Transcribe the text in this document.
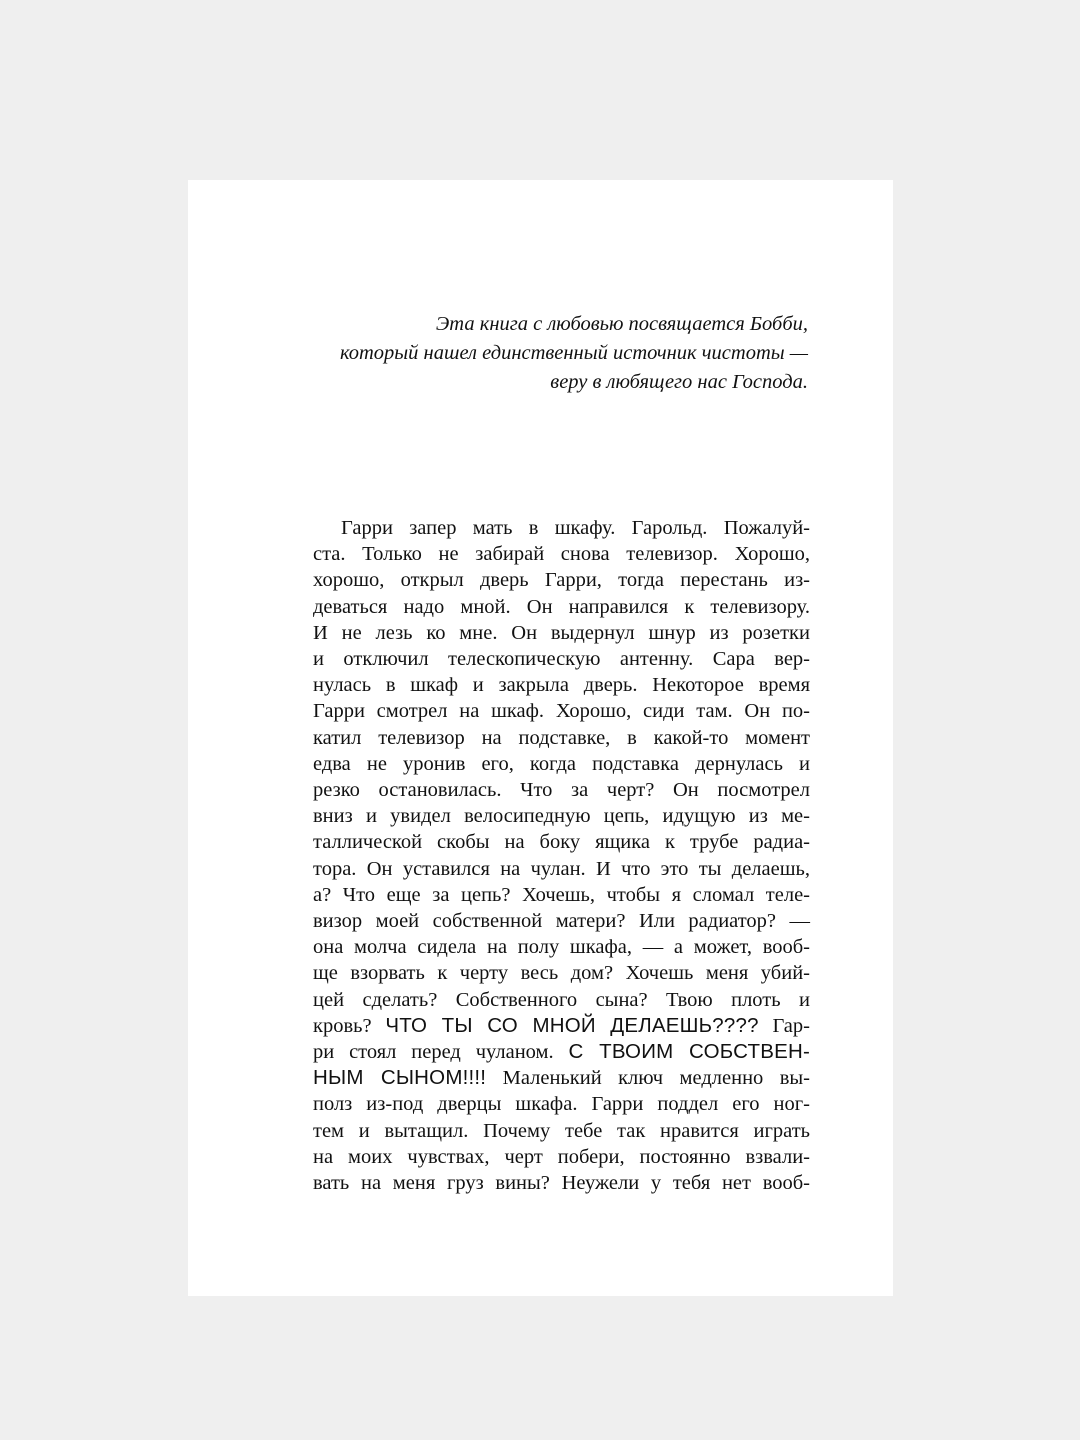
Эта книга с любовью посвящается Бобби,
который нашел единственный источник чистоты —
веру в любящего нас Господа.
Гарри запер мать в шкафу. Гарольд. Пожалуй-
ста. Только не забирай снова телевизор. Хорошо,
хорошо, открыл дверь Гарри, тогда перестань из-
деваться надо мной. Он направился к телевизору.
И не лезь ко мне. Он выдернул шнур из розетки
и отключил телескопическую антенну. Сара вер-
нулась в шкаф и закрыла дверь. Некоторое время
Гарри смотрел на шкаф. Хорошо, сиди там. Он по-
катил телевизор на подставке, в какой-то момент
едва не уронив его, когда подставка дернулась и
резко остановилась. Что за черт? Он посмотрел
вниз и увидел велосипедную цепь, идущую из ме-
таллической скобы на боку ящика к трубе радиа-
тора. Он уставился на чулан. И что это ты делаешь,
а? Что еще за цепь? Хочешь, чтобы я сломал теле-
визор моей собственной матери? Или радиатор? —
она молча сидела на полу шкафа, — а может, вооб-
ще взорвать к черту весь дом? Хочешь меня убий-
цей сделать? Собственного сына? Твою плоть и
кровь? ЧТО ТЫ СО МНОЙ ДЕЛАЕШЬ???? Гар-
ри стоял перед чуланом. С ТВОИМ СОБСТВЕН-
НЫМ СЫНОМ!!!! Маленький ключ медленно вы-
полз из-под дверцы шкафа. Гарри поддел его ног-
тем и вытащил. Почему тебе так нравится играть
на моих чувствах, черт побери, постоянно взвали-
вать на меня груз вины? Неужели у тебя нет вооб-
